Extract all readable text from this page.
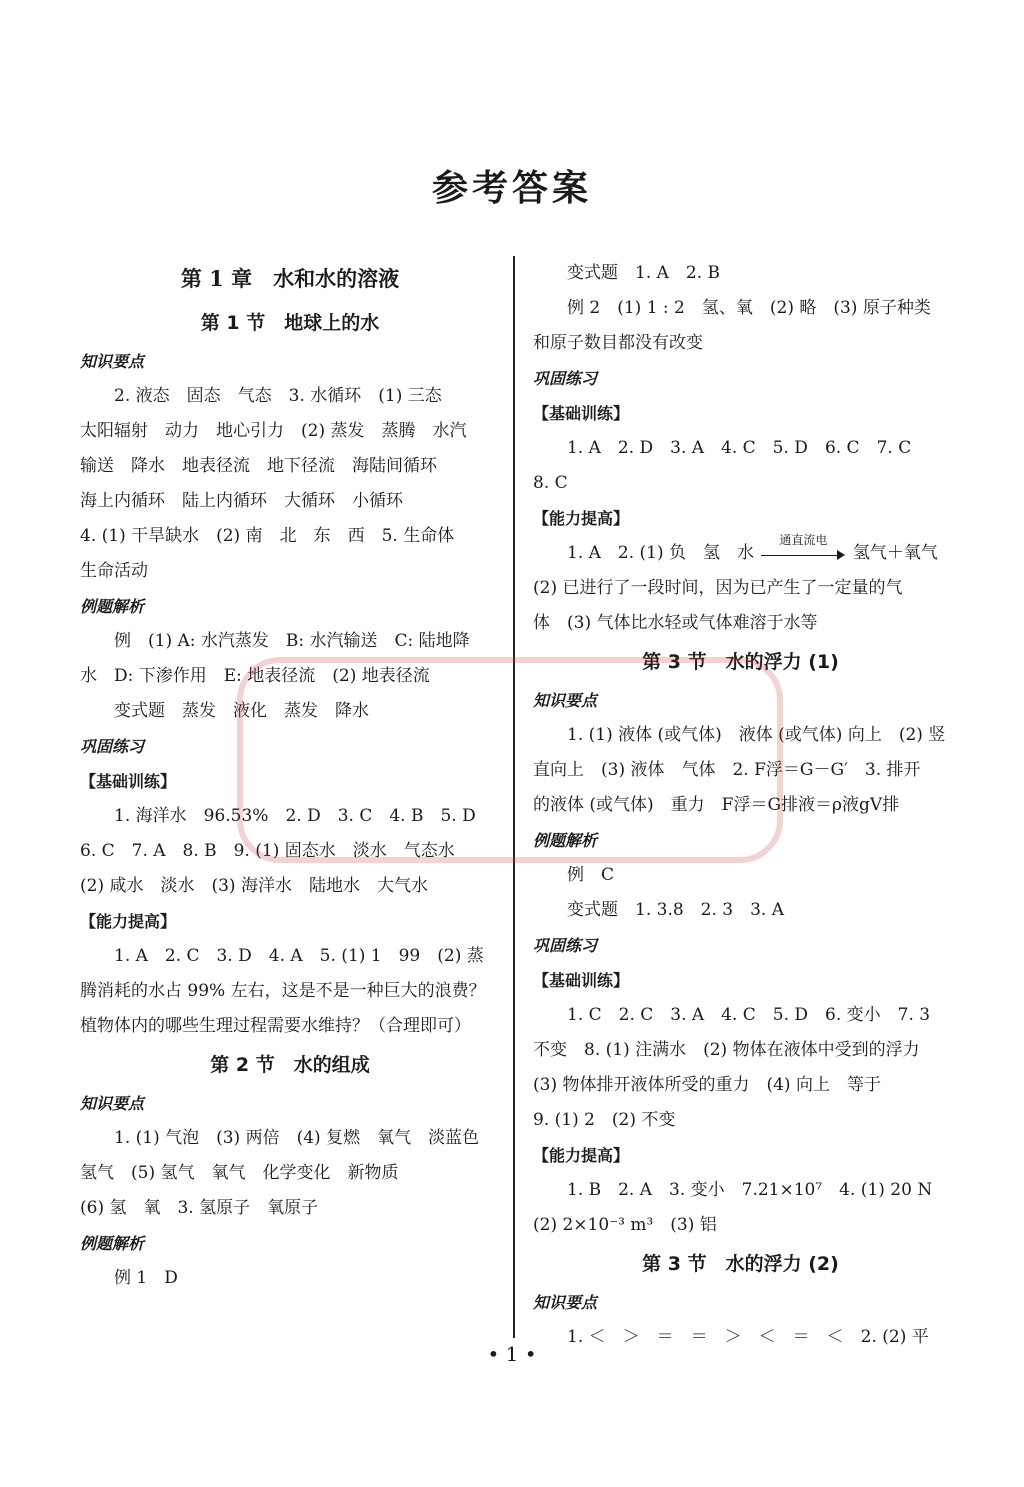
参考答案
第 1 章　水和水的溶液
第 1 节　地球上的水
知识要点
2. 液态　固态　气态　3. 水循环　(1) 三态
太阳辐射　动力　地心引力　(2) 蒸发　蒸腾　水汽
输送　降水　地表径流　地下径流　海陆间循环
海上内循环　陆上内循环　大循环　小循环
4. (1) 干旱缺水　(2) 南　北　东　西　5. 生命体
生命活动
例题解析
例　(1) A: 水汽蒸发　B: 水汽输送　C: 陆地降
水　D: 下渗作用　E: 地表径流　(2) 地表径流
变式题　蒸发　液化　蒸发　降水
巩固练习
【基础训练】
1. 海洋水　96.53%　2. D　3. C　4. B　5. D
6. C　7. A　8. B　9. (1) 固态水　淡水　气态水
(2) 咸水　淡水　(3) 海洋水　陆地水　大气水
【能力提高】
1. A　2. C　3. D　4. A　5. (1) 1　99　(2) 蒸
腾消耗的水占 99% 左右，这是不是一种巨大的浪费？
植物体内的哪些生理过程需要水维持？（合理即可）
第 2 节　水的组成
知识要点
1. (1) 气泡　(3) 两倍　(4) 复燃　氧气　淡蓝色
氢气　(5) 氢气　氧气　化学变化　新物质
(6) 氢　氧　3. 氢原子　氧原子
例题解析
例 1　D
变式题　1. A　2. B
例 2　(1) 1 : 2　氢、氧　(2) 略　(3) 原子种类
和原子数目都没有改变
巩固练习
【基础训练】
1. A　2. D　3. A　4. C　5. D　6. C　7. C
8. C
【能力提高】
1. A　2. (1) 负　氢　水
通直流电
氢气＋氧气
(2) 已进行了一段时间，因为已产生了一定量的气
体　(3) 气体比水轻或气体难溶于水等
第 3 节　水的浮力 (1)
知识要点
1. (1) 液体 (或气体)　液体 (或气体) 向上　(2) 竖
直向上　(3) 液体　气体　2. F浮＝G－G′　3. 排开
的液体 (或气体)　重力　F浮＝G排液＝ρ液gV排
例题解析
例　C
变式题　1. 3.8　2. 3　3. A
巩固练习
【基础训练】
1. C　2. C　3. A　4. C　5. D　6. 变小　7. 3
不变　8. (1) 注满水　(2) 物体在液体中受到的浮力
(3) 物体排开液体所受的重力　(4) 向上　等于
9. (1) 2　(2) 不变
【能力提高】
1. B　2. A　3. 变小　7.21×10⁷　4. (1) 20 N
(2) 2×10⁻³ m³　(3) 铝
第 3 节　水的浮力 (2)
知识要点
1. ＜　＞　＝　＝　＞　＜　＝　＜　2. (2) 平
• 1 •
